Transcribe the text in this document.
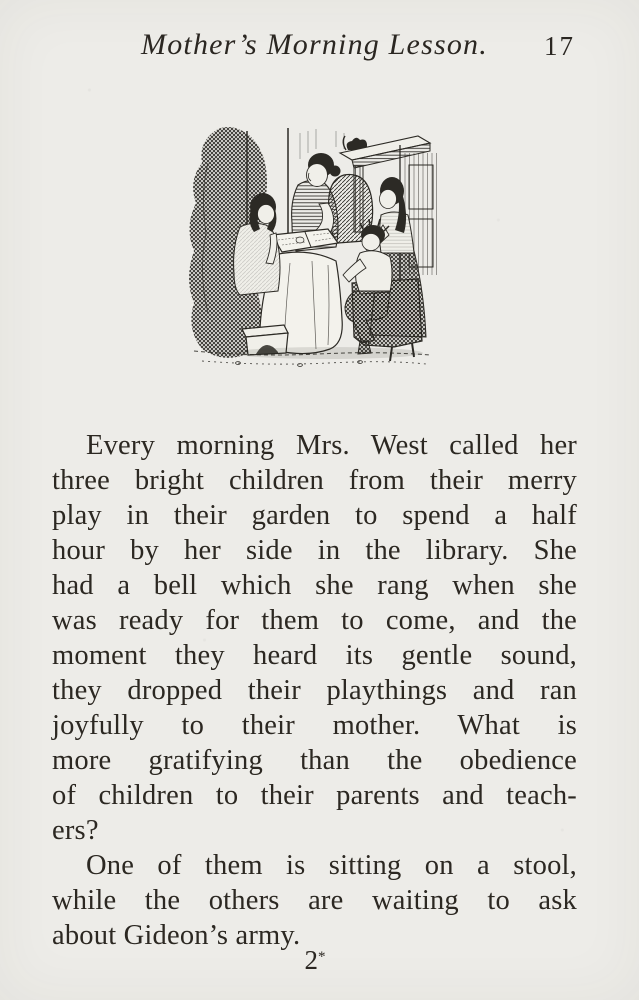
Mother’s Morning Lesson.	17
Every morning Mrs. West called her
three bright children from their merry
play in their garden to spend a half
hour by her side in the library. She
had a bell which she rang when she
was ready for them to come, and the
moment they heard its gentle sound,
they dropped their playthings and ran
joyfully to their mother. What is
more gratifying than the obedience
of children to their parents and teach-
ers?
One of them is sitting on a stool,
while the others are waiting to ask
about Gideon’s army.
2*
